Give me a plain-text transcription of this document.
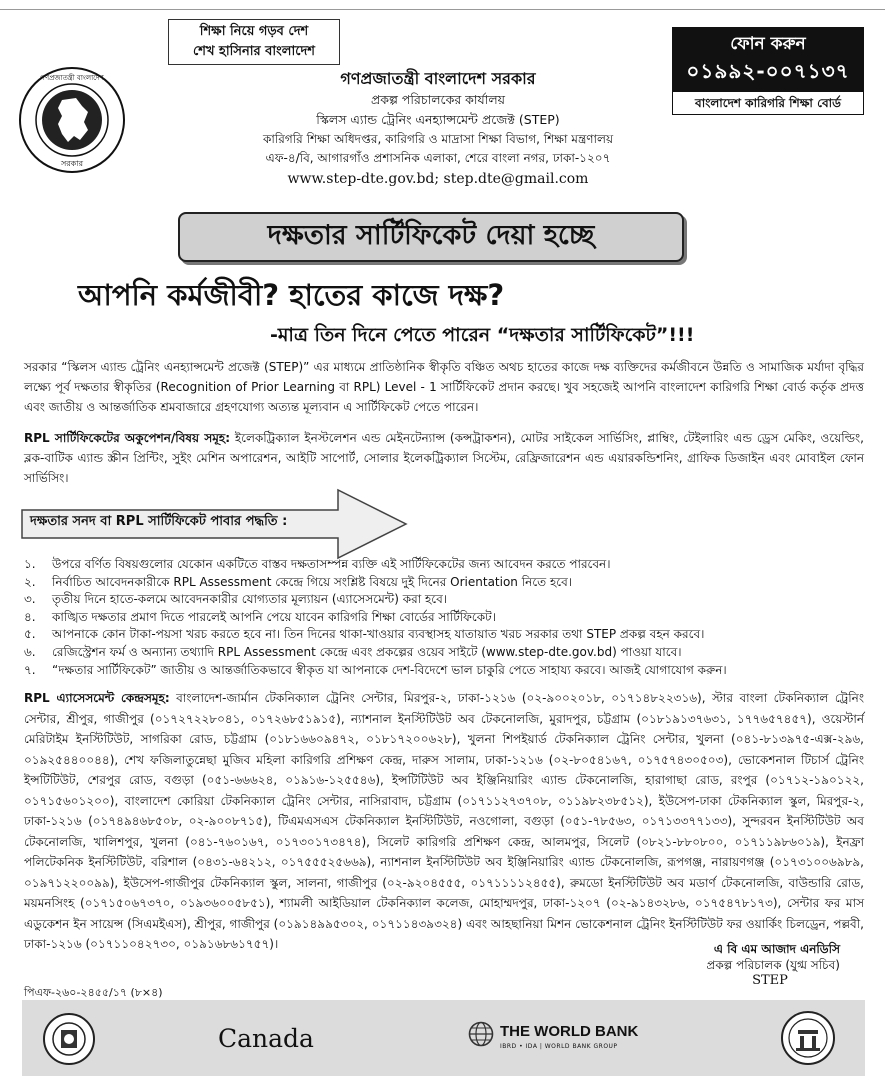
শিক্ষা নিয়ে গড়ব দেশ
শেখ হাসিনার বাংলাদেশ
গণপ্রজাতন্ত্রী বাংলাদেশ
সরকার
গণপ্রজাতন্ত্রী বাংলাদেশ সরকার
প্রকল্প পরিচালকের কার্যালয়
স্কিলস এ্যান্ড ট্রেনিং এনহ্যান্সমেন্ট প্রজেক্ট (STEP)
কারিগরি শিক্ষা অধিদপ্তর, কারিগরি ও মাদ্রাসা শিক্ষা বিভাগ, শিক্ষা মন্ত্রণালয়
এফ-৪/বি, আগারগাঁও প্রশাসনিক এলাকা, শেরে বাংলা নগর, ঢাকা-১২০৭
www.step-dte.gov.bd; step.dte@gmail.com
ফোন করুন
০১৯৯২-০০৭১৩৭
বাংলাদেশ কারিগরি শিক্ষা বোর্ড
দক্ষতার সার্টিফিকেট দেয়া হচ্ছে
আপনি কর্মজীবী? হাতের কাজে দক্ষ?
-মাত্র তিন দিনে পেতে পারেন “দক্ষতার সার্টিফিকেট”!!!
সরকার “স্কিলস এ্যান্ড ট্রেনিং এনহ্যান্সমেন্ট প্রজেক্ট (STEP)” এর মাধ্যমে প্রাতিষ্ঠানিক স্বীকৃতি বঞ্চিত অথচ হাতের কাজে দক্ষ ব্যক্তিদের কর্মজীবনে উন্নতি ও সামাজিক মর্যাদা বৃদ্ধির লক্ষ্যে পূর্ব দক্ষতার স্বীকৃতির (Recognition of Prior Learning বা RPL) Level - 1 সার্টিফিকেট প্রদান করছে। খুব সহজেই আপনি বাংলাদেশ কারিগরি শিক্ষা বোর্ড কর্তৃক প্রদত্ত এবং জাতীয় ও আন্তর্জাতিক শ্রমবাজারে গ্রহণযোগ্য অত্যন্ত মূল্যবান এ সার্টিফিকেট পেতে পারেন।
RPL সার্টিফিকেটের অকুপেশন/বিষয় সমূহ: ইলেকট্রিক্যাল ইনস্টলেশন এন্ড মেইনটেন্যান্স (কন্সট্রাকশন), মোটর সাইকেল সার্ভিসিং, প্লাম্বিং, টেইলারিং এন্ড ড্রেস মেকিং, ওয়েল্ডিং, ব্লক-বাটিক এ্যান্ড স্ক্রীন প্রিন্টিং, সুইং মেশিন অপারেশন, আইটি সাপোর্ট, সোলার ইলেকট্রিক্যাল সিস্টেম, রেফ্রিজারেশন এন্ড এয়ারকন্ডিশনিং, গ্রাফিক ডিজাইন এবং মোবাইল ফোন সার্ভিসিং।
দক্ষতার সনদ বা RPL সার্টিফিকেট পাবার পদ্ধতি :
১.	উপরে বর্ণিত বিষয়গুলোর যেকোন একটিতে বাস্তব দক্ষতাসম্পন্ন ব্যক্তি এই সার্টিফিকেটের জন্য আবেদন করতে পারবেন।
২.	নির্বাচিত আবেদনকারীকে RPL Assessment কেন্দ্রে গিয়ে সংশ্লিষ্ট বিষয়ে দুই দিনের Orientation নিতে হবে।
৩.	তৃতীয় দিনে হাতে-কলমে আবেদনকারীর যোগ্যতার মূল্যায়ন (এ্যাসেসমেন্ট) করা হবে।
৪.	কাঙ্খিত দক্ষতার প্রমাণ দিতে পারলেই আপনি পেয়ে যাবেন কারিগরি শিক্ষা বোর্ডের সার্টিফিকেট।
৫.	আপনাকে কোন টাকা-পয়সা খরচ করতে হবে না। তিন দিনের থাকা-খাওয়ার ব্যবস্থাসহ যাতায়াত খরচ সরকার তথা STEP প্রকল্প বহন করবে।
৬.	রেজিস্ট্রেশন ফর্ম ও অন্যান্য তথ্যাদি RPL Assessment কেন্দ্রে এবং প্রকল্পের ওয়েব সাইটে (www.step-dte.gov.bd) পাওয়া যাবে।
৭.	“দক্ষতার সার্টিফিকেট” জাতীয় ও আন্তর্জাতিকভাবে স্বীকৃত যা আপনাকে দেশ-বিদেশে ভাল চাকুরি পেতে সাহায্য করবে। আজই যোগাযোগ করুন।
RPL এ্যাসেসমেন্ট কেন্দ্রসমূহ: বাংলাদেশ-জার্মান টেকনিক্যাল ট্রেনিং সেন্টার, মিরপুর-২, ঢাকা-১২১৬ (০২-৯০০২০১৮, ০১৭১৪৮২২৩১৬), স্টার বাংলা টেকনিক্যাল ট্রেনিং সেন্টার, শ্রীপুর, গাজীপুর (০১৭২৭২২৮০৪১, ০১৭২৬৮৫১৯১৫), ন্যাশনাল ইনস্টিটিউট অব টেকনোলজি, মুরাদপুর, চট্টগ্রাম (০১৮১৯১৩৭৬৩১, ১৭৭৬৫৭৪৫৭), ওয়েস্টার্ন মেরিটাইম ইনস্টিটিউট, সাগরিকা রোড, চট্টগ্রাম (০১৮১৬৬০৯৪৭২, ০১৮১৭২০০৬২৮), খুলনা শিপইয়ার্ড টেকনিক্যাল ট্রেনিং সেন্টার, খুলনা (০৪১-৮১৩৯৭৫-এক্স-২৯৬, ০১৯২৫৪৪০০৪৪), শেখ ফজিলাতুন্নেছা মুজিব মহিলা কারিগরি প্রশিক্ষণ কেন্দ্র, দারুস সালাম, ঢাকা-১২১৬ (০২-৮০৫৪১৬৭, ০১৭৫৭৪৩০৫০৩), ভোকেশনাল টিচার্স ট্রেনিং ইন্সটিটিউট, শেরপুর রোড, বগুড়া (০৫১-৬৬৬২৪, ০১৯১৬-১২৫৫৪৬), ইন্সটিটিউট অব ইঞ্জিনিয়ারিং এ্যান্ড টেকনোলজি, হারাগাছা রোড, রংপুর (০১৭১২-১৯০১২২, ০১৭১৫৬০১২০০), বাংলাদেশ কোরিয়া টেকনিক্যাল ট্রেনিং সেন্টার, নাসিরাবাদ, চট্টগ্রাম (০১৭১১২৭৩৭০৮, ০১১৯৮২৩৮৫১২), ইউসেপ-ঢাকা টেকনিক্যাল স্কুল, মিরপুর-২, ঢাকা-১২১৬ (০১৭৪৯৪৬৮৫০৮, ০২-৯০০৮৭১৫), টিএমএসএস টেকনিক্যাল ইনস্টিটিউট, নওগোলা, বগুড়া (০৫১-৭৮৫৬৩, ০১৭১৩৩৭৭১৩৩), সুন্দরবন ইনস্টিটিউট অব টেকনোলজি, খালিশপুর, খুলনা (০৪১-৭৬০১৬৭, ০১৭৩০১৭৩৪৭৪), সিলেট কারিগরি প্রশিক্ষণ কেন্দ্র, আলমপুর, সিলেট (০৮২১-৮৮০৮০০, ০১৭১১৯৮৬০১৯), ইনফ্রা পলিটেকনিক ইনস্টিটিউট, বরিশাল (০৪৩১-৬৪২১২, ০১৭৫৫৫২৫৬৬৯), ন্যাশনাল ইনস্টিটিউট অব ইঞ্জিনিয়ারিং এ্যান্ড টেকনোলজি, রূপগঞ্জ, নারায়ণগঞ্জ (০১৭৩১০০৬৯৮৯, ০১৯৭১২২০০৯৯), ইউসেপ-গাজীপুর টেকনিক্যাল স্কুল, সালনা, গাজীপুর (০২-৯২০৪৫৫৫, ০১৭১১১১২৪৫৫), রুমডো ইনস্টিটিউট অব মডার্ণ টেকনোলজি, বাউন্ডারি রোড, ময়মনসিংহ (০১৭১৫০৬৭৩৭০, ০১৯৩৬০০৫৮৫১), শ্যামলী আইডিয়াল টেকনিক্যাল কলেজ, মোহাম্মদপুর, ঢাকা-১২০৭ (০২-৯১৪৩২৮৬, ০১৭৫৪৭৮১৭৩), সেন্টার ফর মাস এডুকেশন ইন সায়েন্স (সিএমইএস), শ্রীপুর, গাজীপুর (০১৯১৪৯৯৫৩০২, ০১৭১১৪৩৯৩২৪) এবং আহছানিয়া মিশন ভোকেশনাল ট্রেনিং ইনস্টিটিউট ফর ওয়ার্কিং চিলড্রেন, পল্লবী, ঢাকা-১২১৬ (০১৭১১০৪২৭৩০, ০১৯১৬৮৬১৭৫৭)।	এ বি এম আজাদ এনডিসি
প্রকল্প পরিচালক (যুগ্ম সচিব)
STEP
পিএফ-২৬০-২৪৫৫/১৭ (৮×৪)
Canada	THE WORLD BANK
IBRD • IDA | WORLD BANK GROUP
